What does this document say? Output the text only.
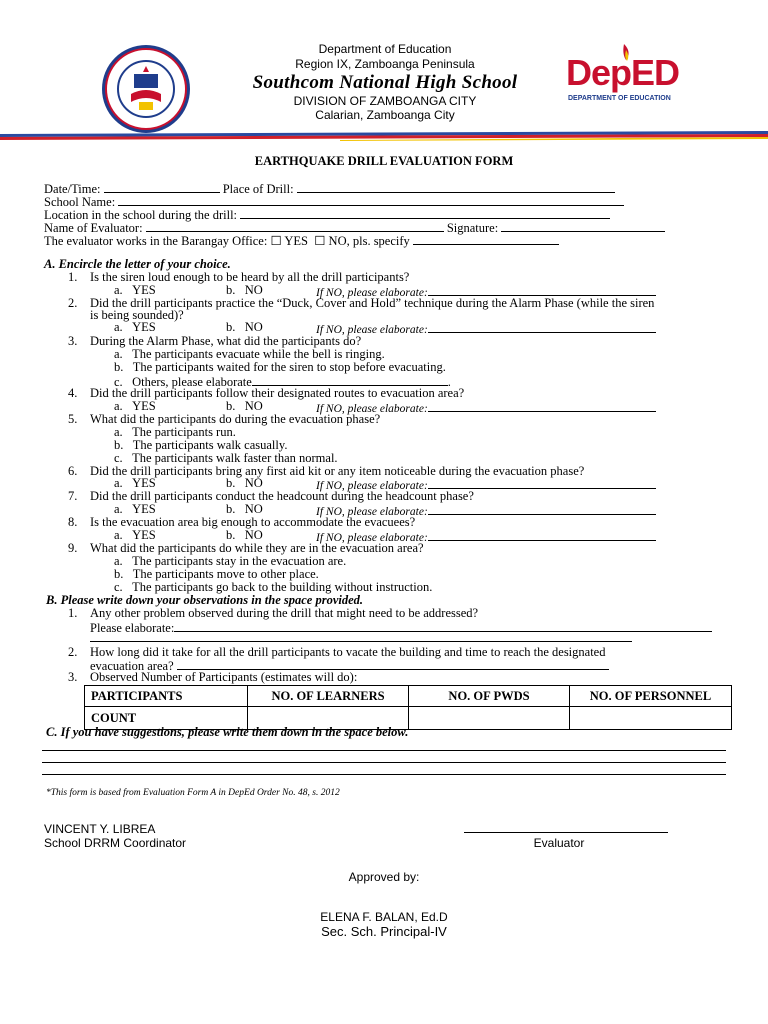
Department of Education
Region IX, Zamboanga Peninsula
Southcom National High School
DIVISION OF ZAMBOANGA CITY
Calarian, Zamboanga City
DepED
DEPARTMENT OF EDUCATION
EARTHQUAKE DRILL EVALUATION FORM
Date/Time:	Place of Drill:
School Name:
Location in the school during the drill:
Name of Evaluator:	Signature:
The evaluator works in the Barangay Office: ☐ YES ☐ NO, pls. specify
A. Encircle the letter of your choice.
1. Is the siren loud enough to be heard by all the drill participants?
a. YES	b. NO	If NO, please elaborate:
2. Did the drill participants practice the “Duck, Cover and Hold” technique during the Alarm Phase (while the siren
is being sounded)?
a. YES	b. NO	If NO, please elaborate:
3. During the Alarm Phase, what did the participants do?
a. The participants evacuate while the bell is ringing.
b. The participants waited for the siren to stop before evacuating.
c. Others, please elaborate	.
4. Did the drill participants follow their designated routes to evacuation area?
a. YES	b. NO	If NO, please elaborate:
5. What did the participants do during the evacuation phase?
a. The participants run.
b. The participants walk casually.
c. The participants walk faster than normal.
6. Did the drill participants bring any first aid kit or any item noticeable during the evacuation phase?
a. YES	b. NO	If NO, please elaborate:
7. Did the drill participants conduct the headcount during the headcount phase?
a. YES	b. NO	If NO, please elaborate:
8. Is the evacuation area big enough to accommodate the evacuees?
a. YES	b. NO	If NO, please elaborate:
9. What did the participants do while they are in the evacuation area?
a. The participants stay in the evacuation are.
b. The participants move to other place.
c. The participants go back to the building without instruction.
B. Please write down your observations in the space provided.
1. Any other problem observed during the drill that might need to be addressed?
Please elaborate:
2. How long did it take for all the drill participants to vacate the building and time to reach the designated
evacuation area?
3. Observed Number of Participants (estimates will do):
PARTICIPANTS	NO. OF LEARNERS	NO. OF PWDS	NO. OF PERSONNEL
COUNT			
C. If you have suggestions, please write them down in the space below.
*This form is based from Evaluation Form A in DepEd Order No. 48, s. 2012
VINCENT Y. LIBREA
School DRRM Coordinator	Evaluator
Approved by:
ELENA F. BALAN, Ed.D
Sec. Sch. Principal-IV
